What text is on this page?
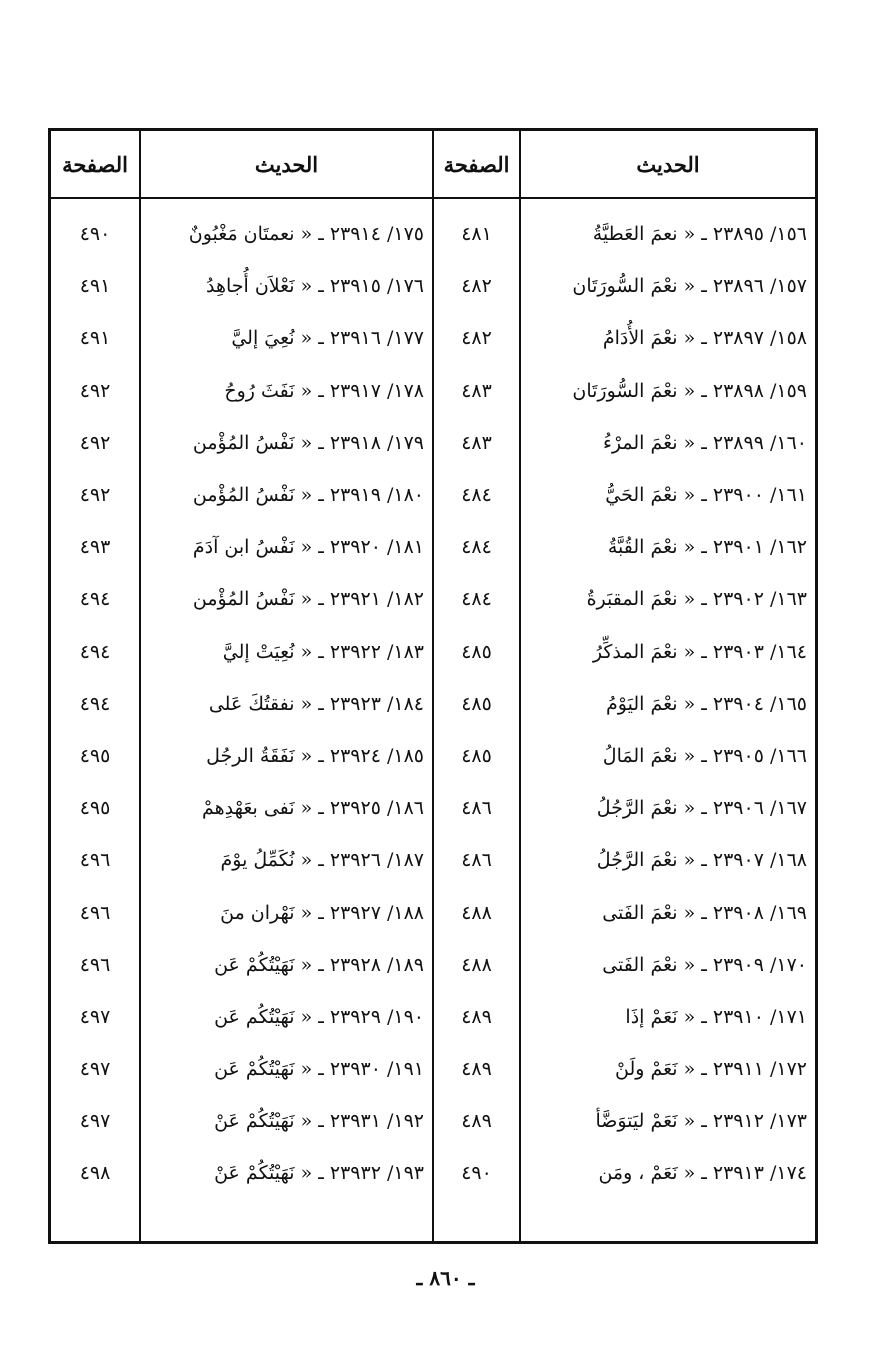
الحديث
الصفحة
الحديث
الصفحة
١٥٦/ ٢٣٨٩٥ ـ « نعمَ العَطيَّةُ
٤٨١
١٧٥/ ٢٣٩١٤ ـ « نعمتَان مَغْبُونٌ
٤٩٠
١٥٧/ ٢٣٨٩٦ ـ « نعْمَ السُّورَتَان
٤٨٢
١٧٦/ ٢٣٩١٥ ـ « نَعْلاَن أُجاهِدُ
٤٩١
١٥٨/ ٢٣٨٩٧ ـ « نعْمَ الأُدَامُ
٤٨٢
١٧٧/ ٢٣٩١٦ ـ « نُعِيَ إليَّ
٤٩١
١٥٩/ ٢٣٨٩٨ ـ « نعْمَ السُّورَتَان
٤٨٣
١٧٨/ ٢٣٩١٧ ـ « نَفَثَ رُوحُ
٤٩٢
١٦٠/ ٢٣٨٩٩ ـ « نعْمَ المرْءُ
٤٨٣
١٧٩/ ٢٣٩١٨ ـ « نَفْسُ المُؤْمن
٤٩٢
١٦١/ ٢٣٩٠٠ ـ « نعْمَ الحَيُّ
٤٨٤
١٨٠/ ٢٣٩١٩ ـ « نَفْسُ المُؤْمن
٤٩٢
١٦٢/ ٢٣٩٠١ ـ « نعْمَ القُبَّةُ
٤٨٤
١٨١/ ٢٣٩٢٠ ـ « نَفْسُ ابن آدَمَ
٤٩٣
١٦٣/ ٢٣٩٠٢ ـ « نعْمَ المقبَرةُ
٤٨٤
١٨٢/ ٢٣٩٢١ ـ « نَفْسُ المُؤْمن
٤٩٤
١٦٤/ ٢٣٩٠٣ ـ « نعْمَ المذكِّرُ
٤٨٥
١٨٣/ ٢٣٩٢٢ ـ « نُعِيَتْ إليَّ
٤٩٤
١٦٥/ ٢٣٩٠٤ ـ « نعْمَ اليَوْمُ
٤٨٥
١٨٤/ ٢٣٩٢٣ ـ « نفقتُكَ عَلى
٤٩٤
١٦٦/ ٢٣٩٠٥ ـ « نعْمَ المَالُ
٤٨٥
١٨٥/ ٢٣٩٢٤ ـ « نَفَقَةُ الرجُل
٤٩٥
١٦٧/ ٢٣٩٠٦ ـ « نعْمَ الرَّجُلُ
٤٨٦
١٨٦/ ٢٣٩٢٥ ـ « نَفى بعَهْدِهمْ
٤٩٥
١٦٨/ ٢٣٩٠٧ ـ « نعْمَ الرَّجُلُ
٤٨٦
١٨٧/ ٢٣٩٢٦ ـ « نُكَمِّلُ يوْمَ
٤٩٦
١٦٩/ ٢٣٩٠٨ ـ « نعْمَ الفَتى
٤٨٨
١٨٨/ ٢٣٩٢٧ ـ « نَهْران منَ
٤٩٦
١٧٠/ ٢٣٩٠٩ ـ « نعْمَ الفَتى
٤٨٨
١٨٩/ ٢٣٩٢٨ ـ « نَهَيْتُكُمْ عَن
٤٩٦
١٧١/ ٢٣٩١٠ ـ « نَعَمْ إذَا
٤٨٩
١٩٠/ ٢٣٩٢٩ ـ « نَهَيْتُكُم عَن
٤٩٧
١٧٢/ ٢٣٩١١ ـ « نَعَمْ ولَنْ
٤٨٩
١٩١/ ٢٣٩٣٠ ـ « نَهَيْتُكُمْ عَن
٤٩٧
١٧٣/ ٢٣٩١٢ ـ « نَعَمْ ليَتوَضَّأ
٤٨٩
١٩٢/ ٢٣٩٣١ ـ « نَهَيْتُكُمْ عَنْ
٤٩٧
١٧٤/ ٢٣٩١٣ ـ « نَعَمْ ، ومَن
٤٩٠
١٩٣/ ٢٣٩٣٢ ـ « نَهَيْتُكُمْ عَنْ
٤٩٨
ـ ٨٦٠ ـ
